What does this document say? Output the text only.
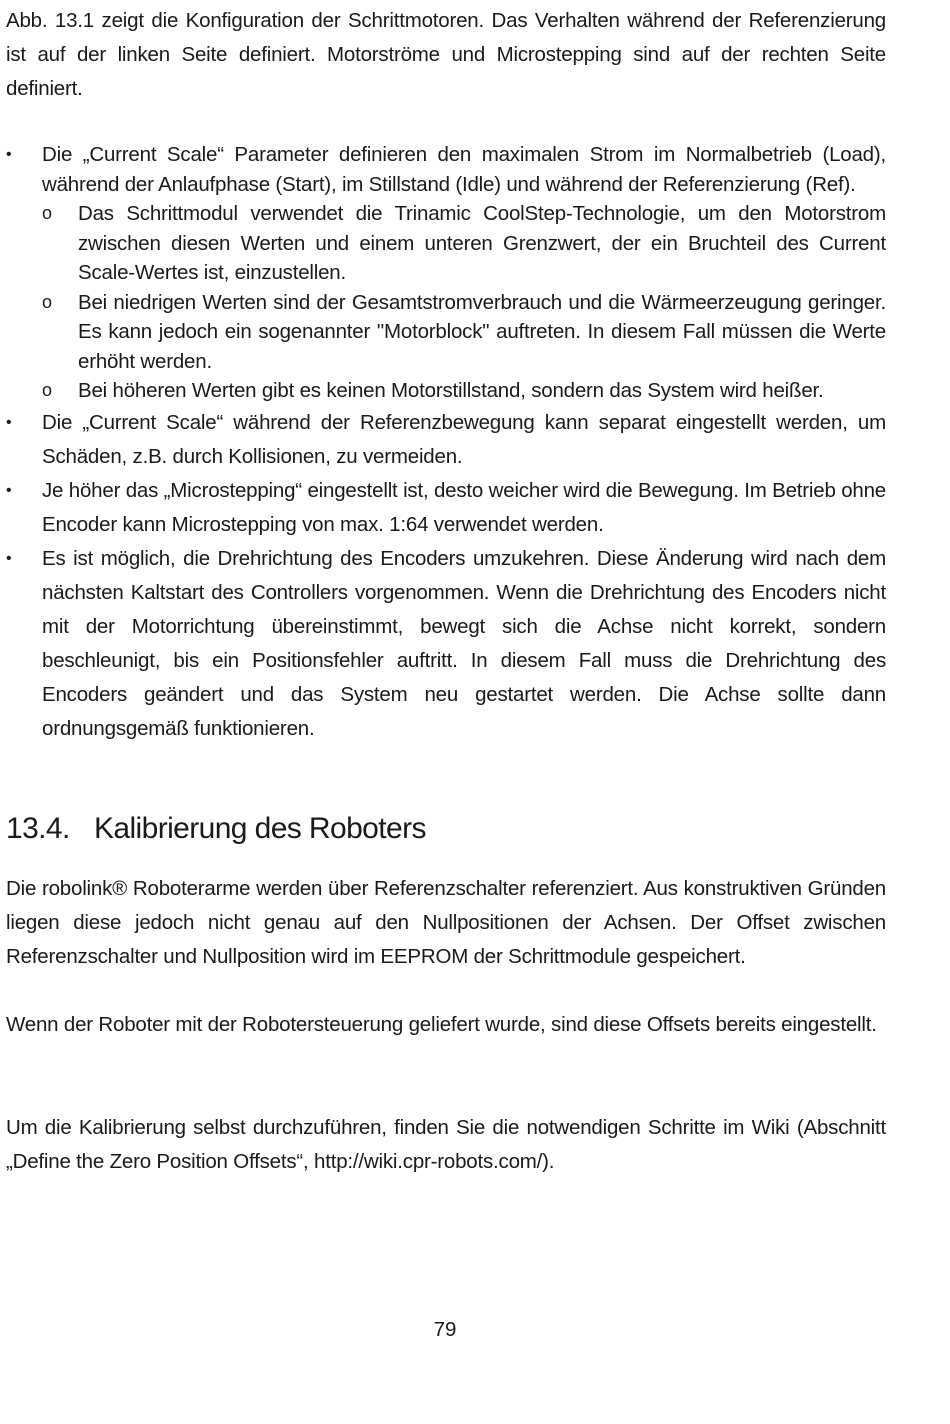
Abb. 13.1 zeigt die Konfiguration der Schrittmotoren. Das Verhalten während der Referenzierung ist auf der linken Seite definiert. Motorströme und Microstepping sind auf der rechten Seite definiert.

•	Die „Current Scale“ Parameter definieren den maximalen Strom im Normalbetrieb (Load), während der Anlaufphase (Start), im Stillstand (Idle) und während der Referenzierung (Ref).
o Das Schrittmodul verwendet die Trinamic CoolStep-Technologie, um den Motorstrom zwischen diesen Werten und einem unteren Grenzwert, der ein Bruchteil des Current Scale-Wertes ist, einzustellen.
o Bei niedrigen Werten sind der Gesamtstromverbrauch und die Wärmeerzeugung geringer. Es kann jedoch ein sogenannter "Motorblock" auftreten. In diesem Fall müssen die Werte erhöht werden.
o Bei höheren Werten gibt es keinen Motorstillstand, sondern das System wird heißer.
•	Die „Current Scale“ während der Referenzbewegung kann separat eingestellt werden, um Schäden, z.B. durch Kollisionen, zu vermeiden.
•	Je höher das „Microstepping“ eingestellt ist, desto weicher wird die Bewegung. Im Betrieb ohne Encoder kann Microstepping von max. 1:64 verwendet werden.
•	Es ist möglich, die Drehrichtung des Encoders umzukehren. Diese Änderung wird nach dem nächsten Kaltstart des Controllers vorgenommen. Wenn die Drehrichtung des Encoders nicht mit der Motorrichtung übereinstimmt, bewegt sich die Achse nicht korrekt, sondern beschleunigt, bis ein Positionsfehler auftritt. In diesem Fall muss die Drehrichtung des Encoders geändert und das System neu gestartet werden. Die Achse sollte dann ordnungsgemäß funktionieren.
13.4. Kalibrierung des Roboters

Die robolink® Roboterarme werden über Referenzschalter referenziert. Aus konstruktiven Gründen liegen diese jedoch nicht genau auf den Nullpositionen der Achsen. Der Offset zwischen Referenzschalter und Nullposition wird im EEPROM der Schrittmodule gespeichert.

Wenn der Roboter mit der Robotersteuerung geliefert wurde, sind diese Offsets bereits eingestellt.

Um die Kalibrierung selbst durchzuführen, finden Sie die notwendigen Schritte im Wiki (Abschnitt „Define the Zero Position Offsets“, http://wiki.cpr-robots.com/).

79
